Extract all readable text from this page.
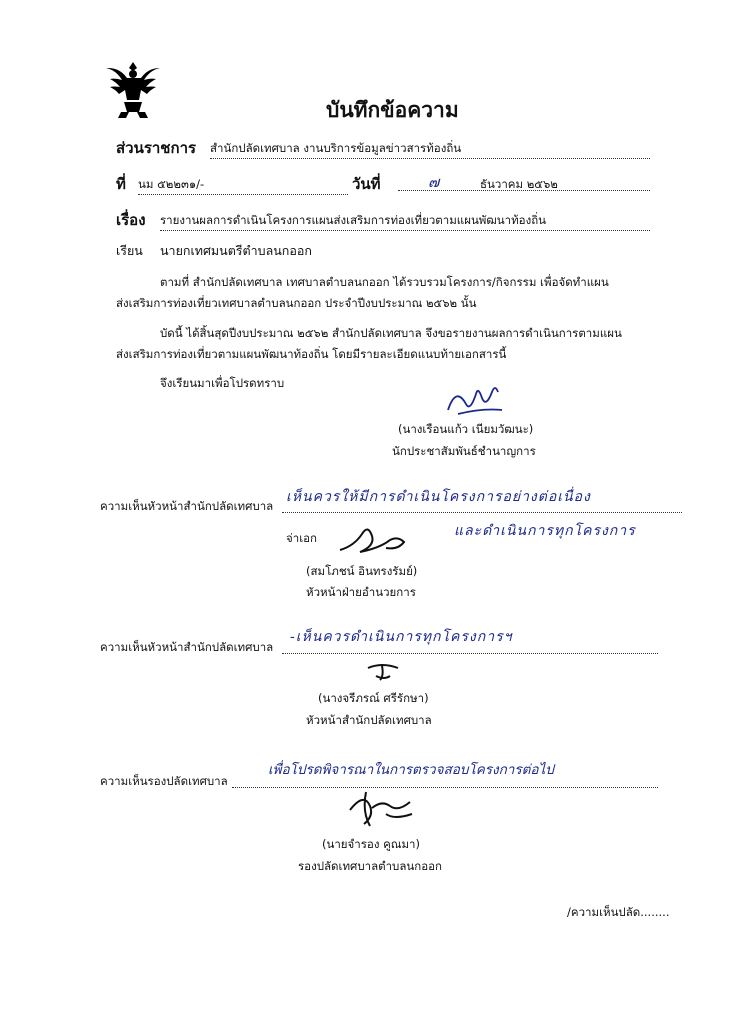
บันทึกข้อความ
ส่วนราชการ สำนักปลัดเทศบาล งานบริการข้อมูลข่าวสารท้องถิ่น
ที่ นม ๕๒๒๓๑/-	วันที่	๗	ธันวาคม ๒๕๖๒
เรื่อง รายงานผลการดำเนินโครงการแผนส่งเสริมการท่องเที่ยวตามแผนพัฒนาท้องถิ่น
เรียน นายกเทศมนตรีตำบลนกออก
ตามที่ สำนักปลัดเทศบาล เทศบาลตำบลนกออก ได้รวบรวมโครงการ/กิจกรรม เพื่อจัดทำแผน
ส่งเสริมการท่องเที่ยวเทศบาลตำบลนกออก ประจำปีงบประมาณ ๒๕๖๒ นั้น
บัดนี้ ได้สิ้นสุดปีงบประมาณ ๒๕๖๒ สำนักปลัดเทศบาล จึงขอรายงานผลการดำเนินการตามแผน
ส่งเสริมการท่องเที่ยวตามแผนพัฒนาท้องถิ่น โดยมีรายละเอียดแนบท้ายเอกสารนี้
จึงเรียนมาเพื่อโปรดทราบ
(นางเรือนแก้ว เนียมวัฒนะ)
นักประชาสัมพันธ์ชำนาญการ
ความเห็นหัวหน้าสำนักปลัดเทศบาล
เห็นควรให้มีการดำเนินโครงการอย่างต่อเนื่อง
และดำเนินการทุกโครงการ
จ่าเอก
(สมโภชน์ อินทรงรัมย์)
หัวหน้าฝ่ายอำนวยการ
ความเห็นหัวหน้าสำนักปลัดเทศบาล
-เห็นควรดำเนินการทุกโครงการฯ
(นางจรีภรณ์ ศรีรักษา)
หัวหน้าสำนักปลัดเทศบาล
ความเห็นรองปลัดเทศบาล
เพื่อโปรดพิจารณาในการตรวจสอบโครงการต่อไป
(นายจำรอง คูณมา)
รองปลัดเทศบาลตำบลนกออก
/ความเห็นปลัด........
